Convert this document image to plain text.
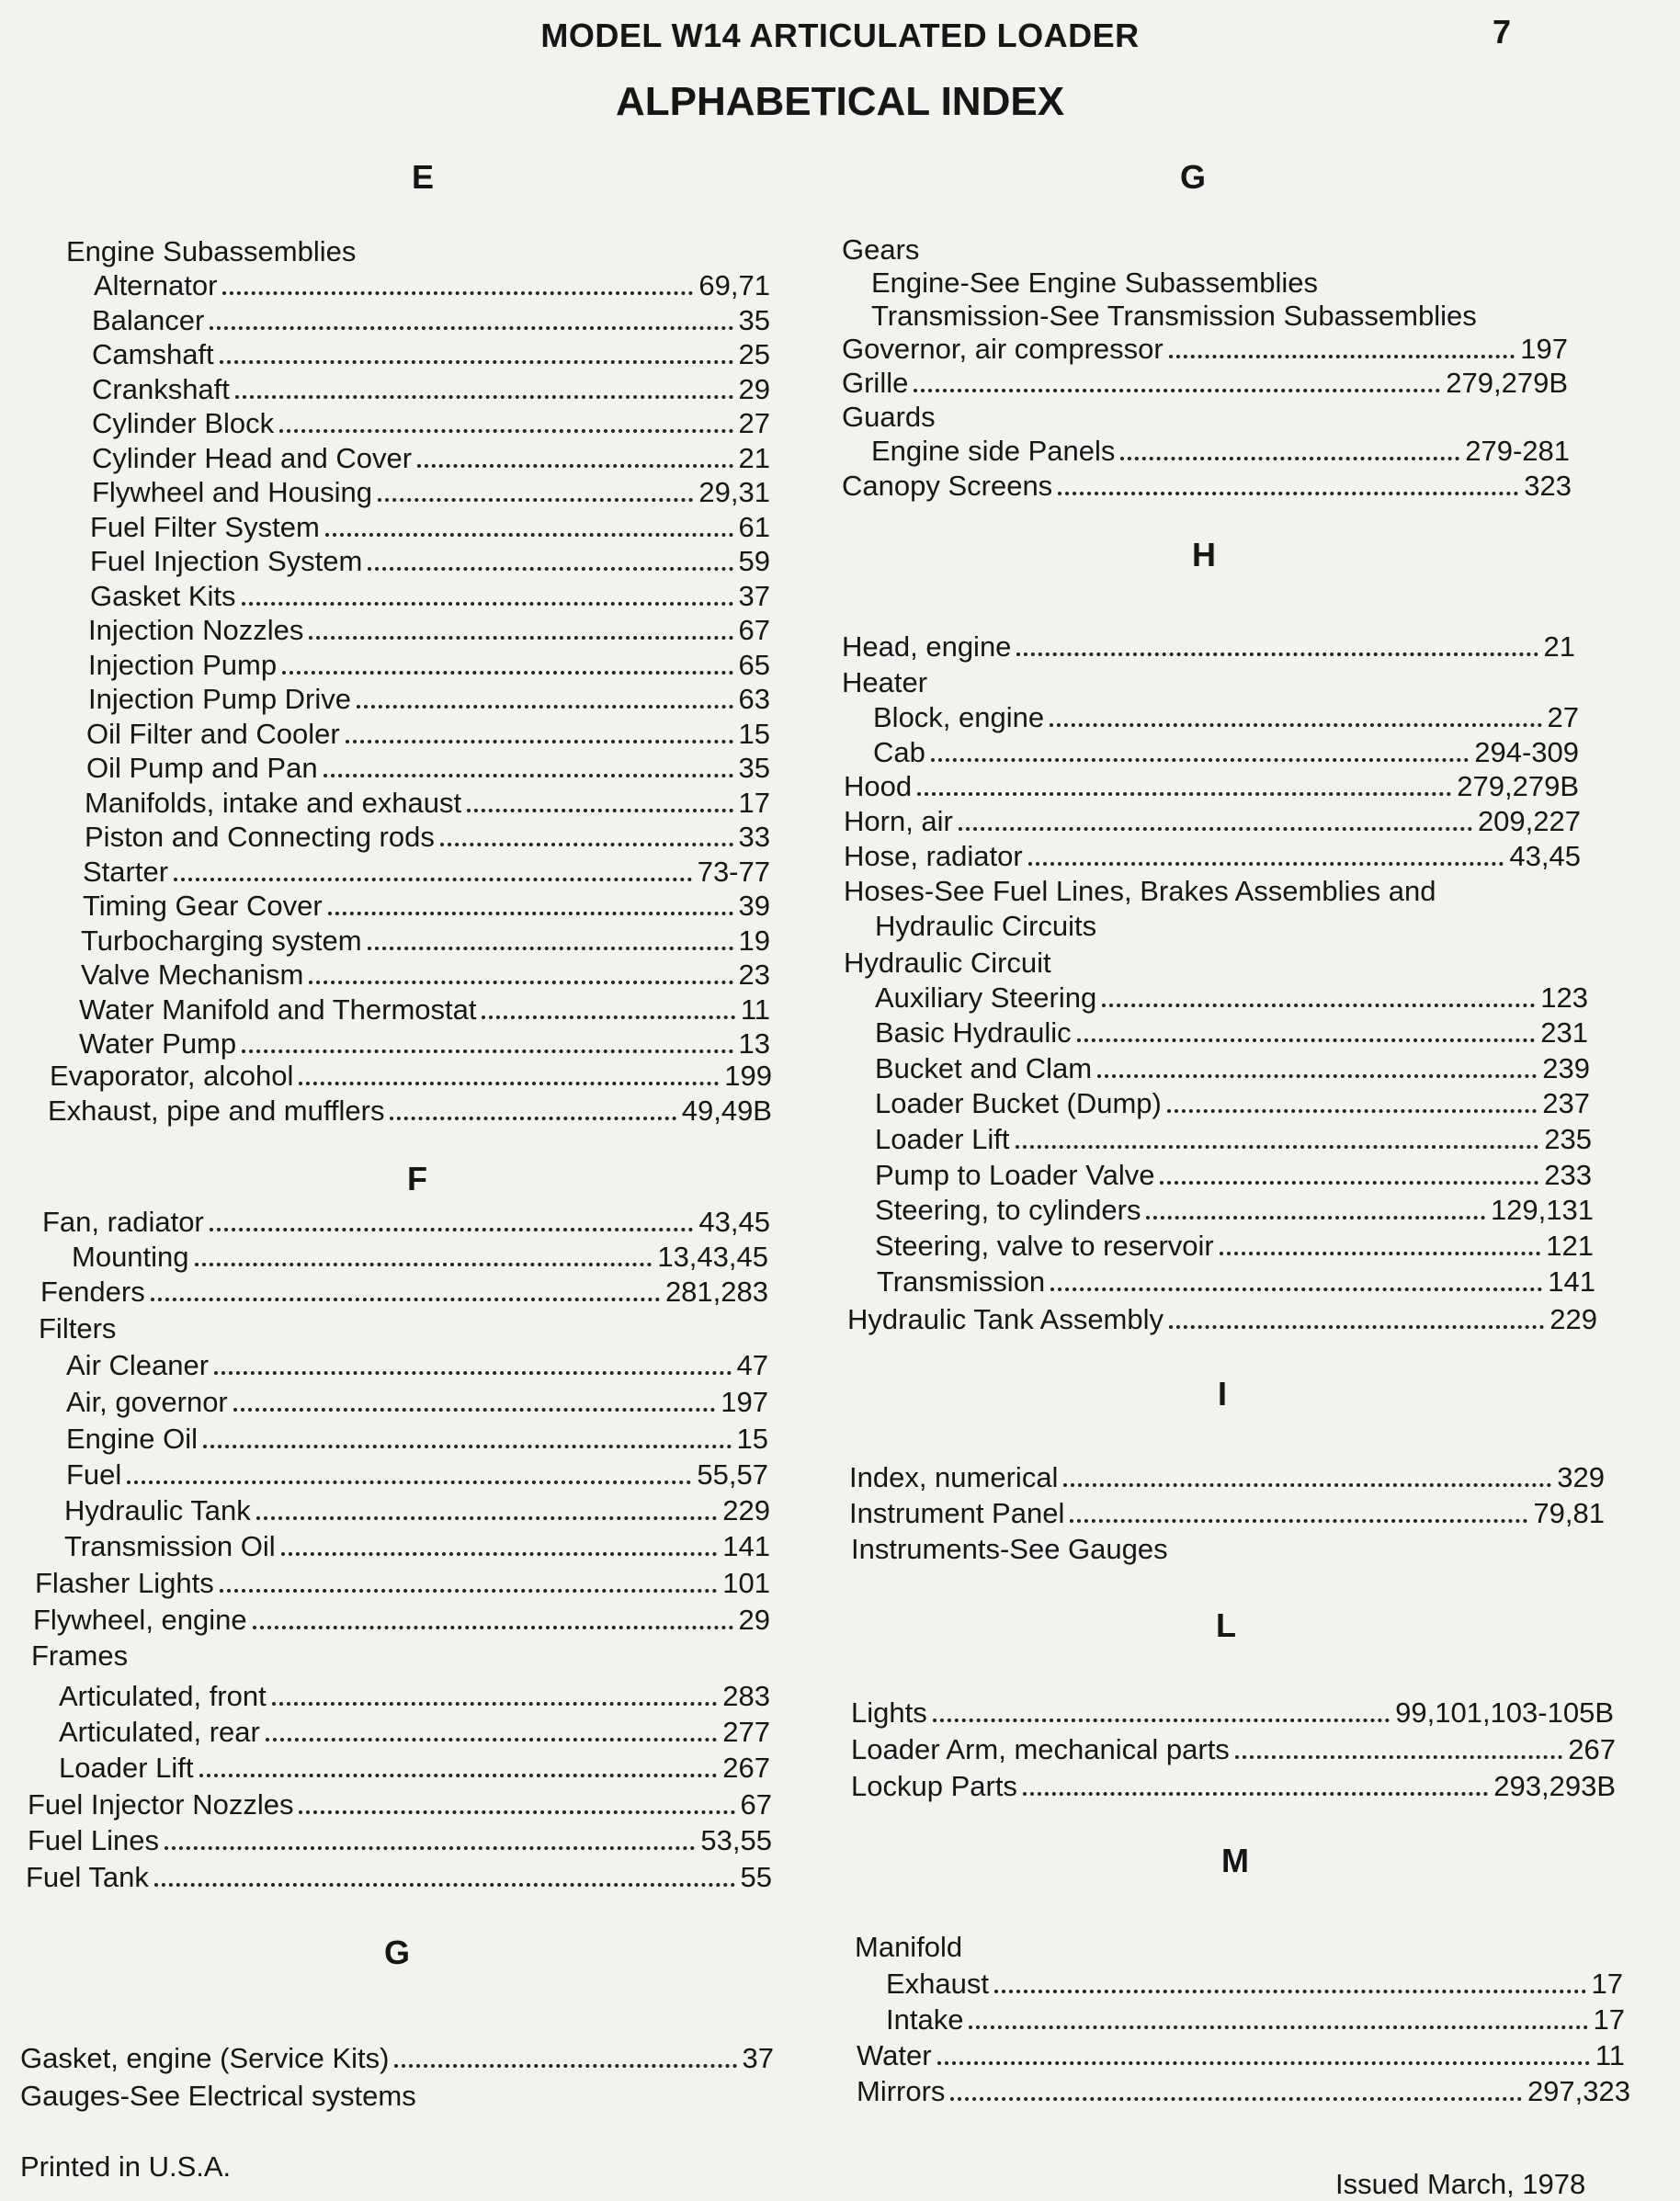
MODEL W14 ARTICULATED LOADER	7
ALPHABETICAL INDEX
E
Engine Subassemblies
Alternator	69,71
Balancer	35
Camshaft	25
Crankshaft	29
Cylinder Block	27
Cylinder Head and Cover	21
Flywheel and Housing	29,31
Fuel Filter System	61
Fuel Injection System	59
Gasket Kits	37
Injection Nozzles	67
Injection Pump	65
Injection Pump Drive	63
Oil Filter and Cooler	15
Oil Pump and Pan	35
Manifolds, intake and exhaust	17
Piston and Connecting rods	33
Starter	73-77
Timing Gear Cover	39
Turbocharging system	19
Valve Mechanism	23
Water Manifold and Thermostat	11
Water Pump	13
Evaporator, alcohol	199
Exhaust, pipe and mufflers	49,49B
F
Fan, radiator	43,45
Mounting	13,43,45
Fenders	281,283
Filters
Air Cleaner	47
Air, governor	197
Engine Oil	15
Fuel	55,57
Hydraulic Tank	229
Transmission Oil	141
Flasher Lights	101
Flywheel, engine	29
Frames
Articulated, front	283
Articulated, rear	277
Loader Lift	267
Fuel Injector Nozzles	67
Fuel Lines	53,55
Fuel Tank	55
G
Gasket, engine (Service Kits)	37
Gauges-See Electrical systems
G
Gears
Engine-See Engine Subassemblies
Transmission-See Transmission Subassemblies
Governor, air compressor	197
Grille	279,279B
Guards
Engine side Panels	279-281
Canopy Screens	323
H
Head, engine	21
Heater
Block, engine	27
Cab	294-309
Hood	279,279B
Horn, air	209,227
Hose, radiator	43,45
Hoses-See Fuel Lines, Brakes Assemblies and
Hydraulic Circuits
Hydraulic Circuit
Auxiliary Steering	123
Basic Hydraulic	231
Bucket and Clam	239
Loader Bucket (Dump)	237
Loader Lift	235
Pump to Loader Valve	233
Steering, to cylinders	129,131
Steering, valve to reservoir	121
Transmission	141
Hydraulic Tank Assembly	229
I
Index, numerical	329
Instrument Panel	79,81
Instruments-See Gauges
L
Lights	99,101,103-105B
Loader Arm, mechanical parts	267
Lockup Parts	293,293B
M
Manifold
Exhaust	17
Intake	17
Water	11
Mirrors	297,323
Printed in U.S.A.
Issued March, 1978
